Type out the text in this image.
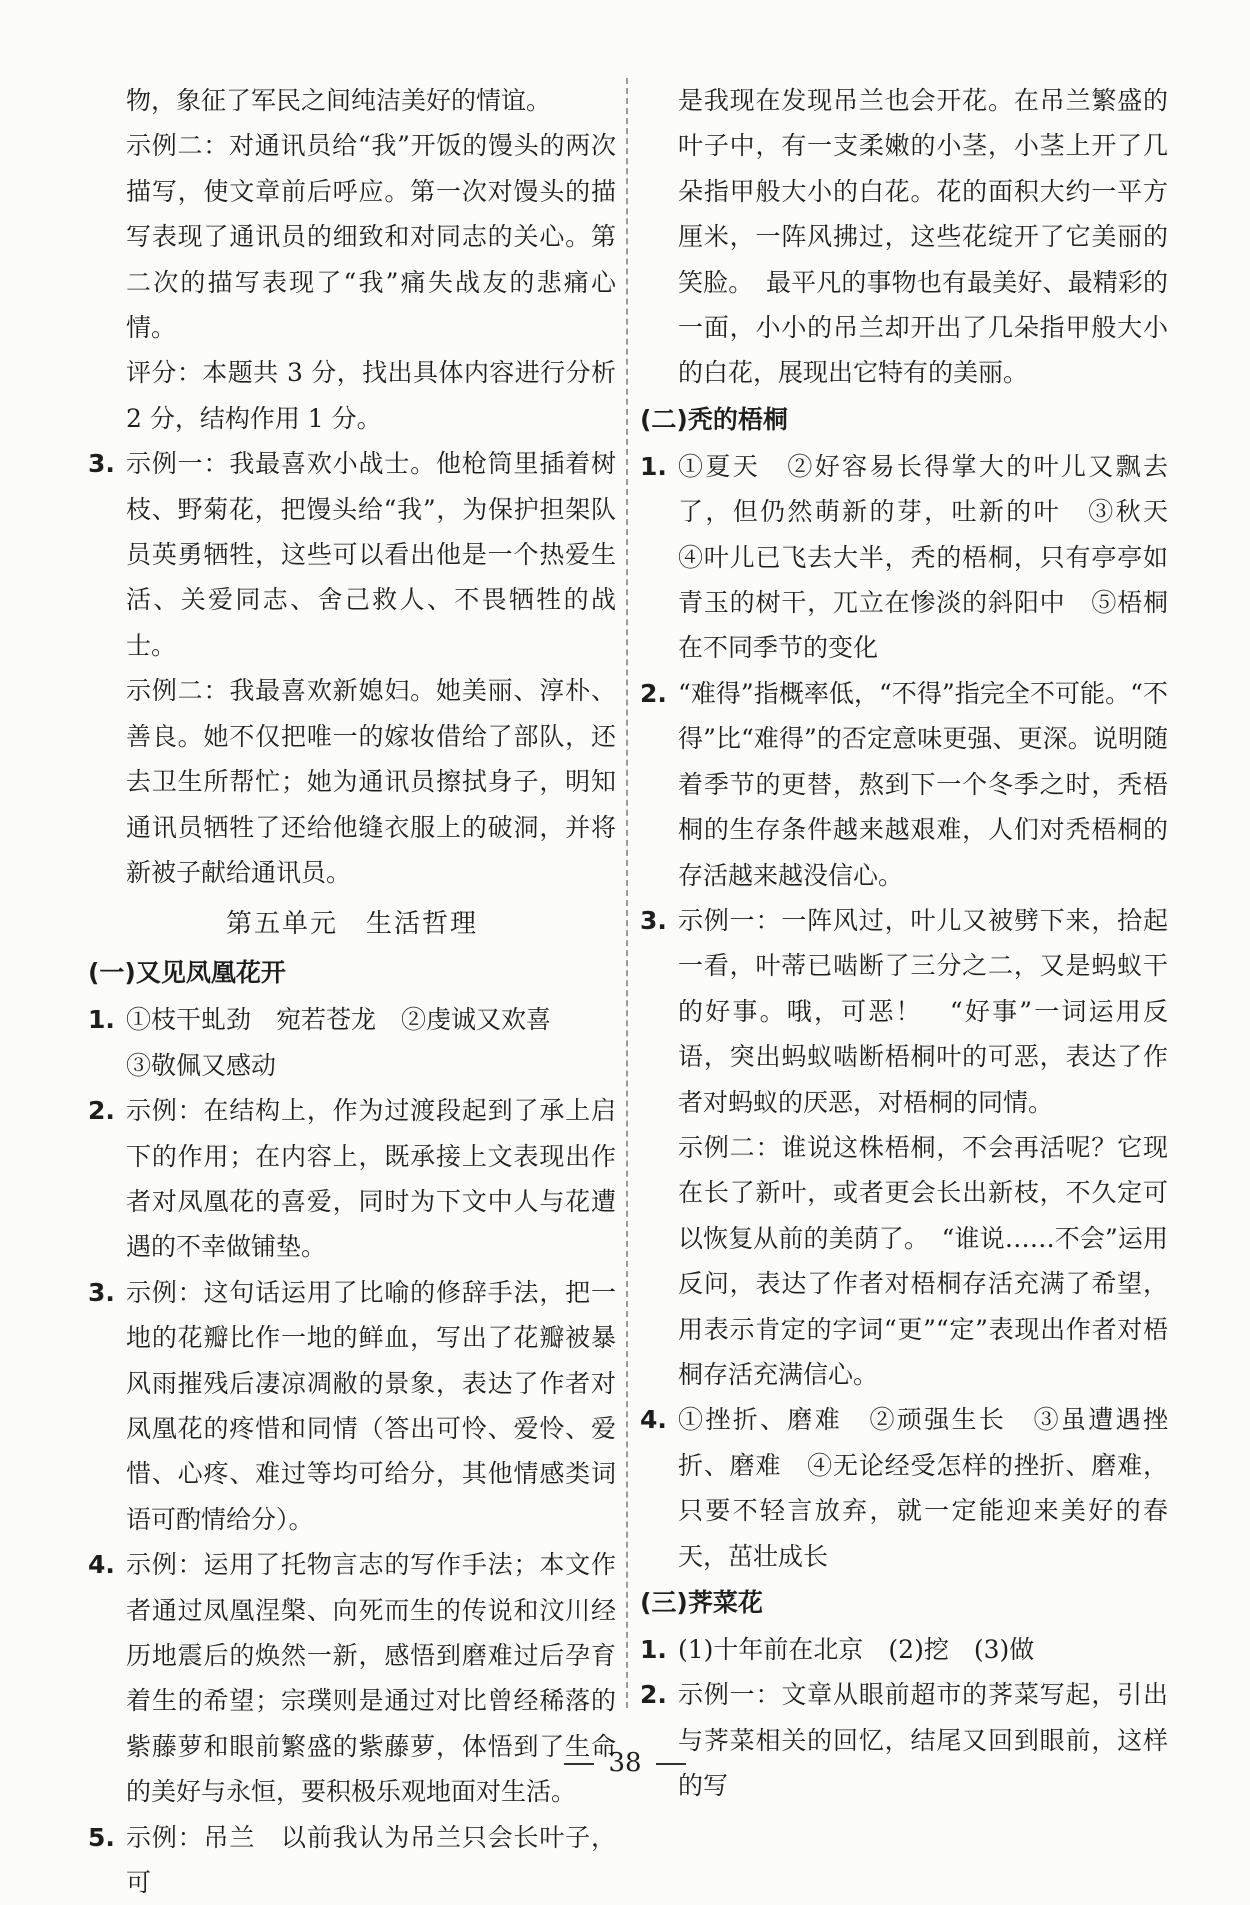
物，象征了军民之间纯洁美好的情谊。

示例二：对通讯员给“我”开饭的馒头的两次描写，使文章前后呼应。第一次对馒头的描写表现了通讯员的细致和对同志的关心。第二次的描写表现了“我”痛失战友的悲痛心情。

评分：本题共 3 分，找出具体内容进行分析 2 分，结构作用 1 分。

3. 示例一：我最喜欢小战士。他枪筒里插着树枝、野菊花，把馒头给“我”，为保护担架队员英勇牺牲，这些可以看出他是一个热爱生活、关爱同志、舍己救人、不畏牺牲的战士。

示例二：我最喜欢新媳妇。她美丽、淳朴、善良。她不仅把唯一的嫁妆借给了部队，还去卫生所帮忙；她为通讯员擦拭身子，明知通讯员牺牲了还给他缝衣服上的破洞，并将新被子献给通讯员。

第五单元　生活哲理

(一)又见凤凰花开

1. ①枝干虬劲　宛若苍龙　②虔诚又欢喜

③敬佩又感动

2. 示例：在结构上，作为过渡段起到了承上启下的作用；在内容上，既承接上文表现出作者对凤凰花的喜爱，同时为下文中人与花遭遇的不幸做铺垫。

3. 示例：这句话运用了比喻的修辞手法，把一地的花瓣比作一地的鲜血，写出了花瓣被暴风雨摧残后凄凉凋敝的景象，表达了作者对凤凰花的疼惜和同情（答出可怜、爱怜、爱惜、心疼、难过等均可给分，其他情感类词语可酌情给分）。

4. 示例：运用了托物言志的写作手法；本文作者通过凤凰涅槃、向死而生的传说和汶川经历地震后的焕然一新，感悟到磨难过后孕育着生的希望；宗璞则是通过对比曾经稀落的紫藤萝和眼前繁盛的紫藤萝，体悟到了生命的美好与永恒，要积极乐观地面对生活。

5. 示例：吊兰　以前我认为吊兰只会长叶子，可

是我现在发现吊兰也会开花。在吊兰繁盛的叶子中，有一支柔嫩的小茎，小茎上开了几朵指甲般大小的白花。花的面积大约一平方厘米，一阵风拂过，这些花绽开了它美丽的笑脸。　最平凡的事物也有最美好、最精彩的一面，小小的吊兰却开出了几朵指甲般大小的白花，展现出它特有的美丽。

(二)秃的梧桐

1. ①夏天　②好容易长得掌大的叶儿又飘去了，但仍然萌新的芽，吐新的叶　③秋天　④叶儿已飞去大半，秃的梧桐，只有亭亭如青玉的树干，兀立在惨淡的斜阳中　⑤梧桐在不同季节的变化

2. “难得”指概率低，“不得”指完全不可能。“不得”比“难得”的否定意味更强、更深。说明随着季节的更替，熬到下一个冬季之时，秃梧桐的生存条件越来越艰难，人们对秃梧桐的存活越来越没信心。

3. 示例一：一阵风过，叶儿又被劈下来，拾起一看，叶蒂已啮断了三分之二，又是蚂蚁干的好事。哦，可恶！　“好事”一词运用反语，突出蚂蚁啮断梧桐叶的可恶，表达了作者对蚂蚁的厌恶，对梧桐的同情。

示例二：谁说这株梧桐，不会再活呢？它现在长了新叶，或者更会长出新枝，不久定可以恢复从前的美荫了。　“谁说……不会”运用反问，表达了作者对梧桐存活充满了希望，用表示肯定的字词“更”“定”表现出作者对梧桐存活充满信心。

4. ①挫折、磨难　②顽强生长　③虽遭遇挫折、磨难　④无论经受怎样的挫折、磨难，只要不轻言放弃，就一定能迎来美好的春天，茁壮成长

(三)荠菜花

1. (1)十年前在北京　(2)挖　(3)做

2. 示例一：文章从眼前超市的荠菜写起，引出与荠菜相关的回忆，结尾又回到眼前，这样的写

38
